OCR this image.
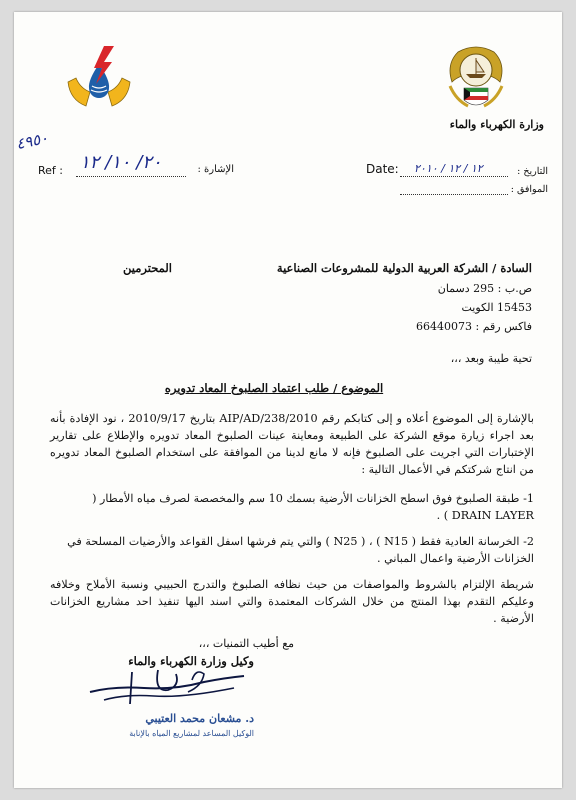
وزارة الكهرباء والماء
٤٩٥٠
Ref : ٢٠/ ١٠/ ١٢	الإشارة :	Date: ١٢ / ١٢ / ٢٠١٠	التاريخ :
الموافق :
السادة / الشركة العربية الدولية للمشروعات الصناعية
المحترمين
ص.ب : 295 دسمان
15453 الكويت
فاكس رقم : 66440073
تحية طيبة وبعد ،،،
الموضوع / طلب اعتماد الصلبوخ المعاد تدويره
بالإشارة إلى الموضوع أعلاه و إلى كتابكم رقم 2010/AIP/AD/238 بتاريخ 2010/9/17 ، نود الإفادة بأنه بعد اجراء زيارة موقع الشركة على الطبيعة ومعاينة عينات الصلبوخ المعاد تدويره والإطلاع على تقارير الإختبارات التي اجريت على الصلبوخ فإنه لا مانع لدينا من الموافقة على استخدام الصلبوخ المعاد تدويره من انتاج شركتكم في الأعمال التالية :
1- طبقة الصلبوخ فوق اسطح الخزانات الأرضية بسمك 10 سم والمخصصة لصرف مياه الأمطار ( DRAIN LAYER ) .
2- الخرسانة العادية فقط ( N15 ) ، ( N25 ) والتي يتم فرشها اسفل القواعد والأرضيات المسلحة في الخزانات الأرضية واعمال المباني .
شريطة الإلتزام بالشروط والمواصفات من حيث نظافه الصلبوخ والتدرج الحبيبي ونسبة الأملاح وخلافه وعليكم التقدم بهذا المنتج من خلال الشركات المعتمدة والتي اسند اليها تنفيذ احد مشاريع الخزانات الأرضية .
مع أطيب التمنيات ،،،
وكيل وزارة الكهرباء والماء
د. مشعان محمد العتيبي
الوكيل المساعد لمشاريع المياه بالإنابة
